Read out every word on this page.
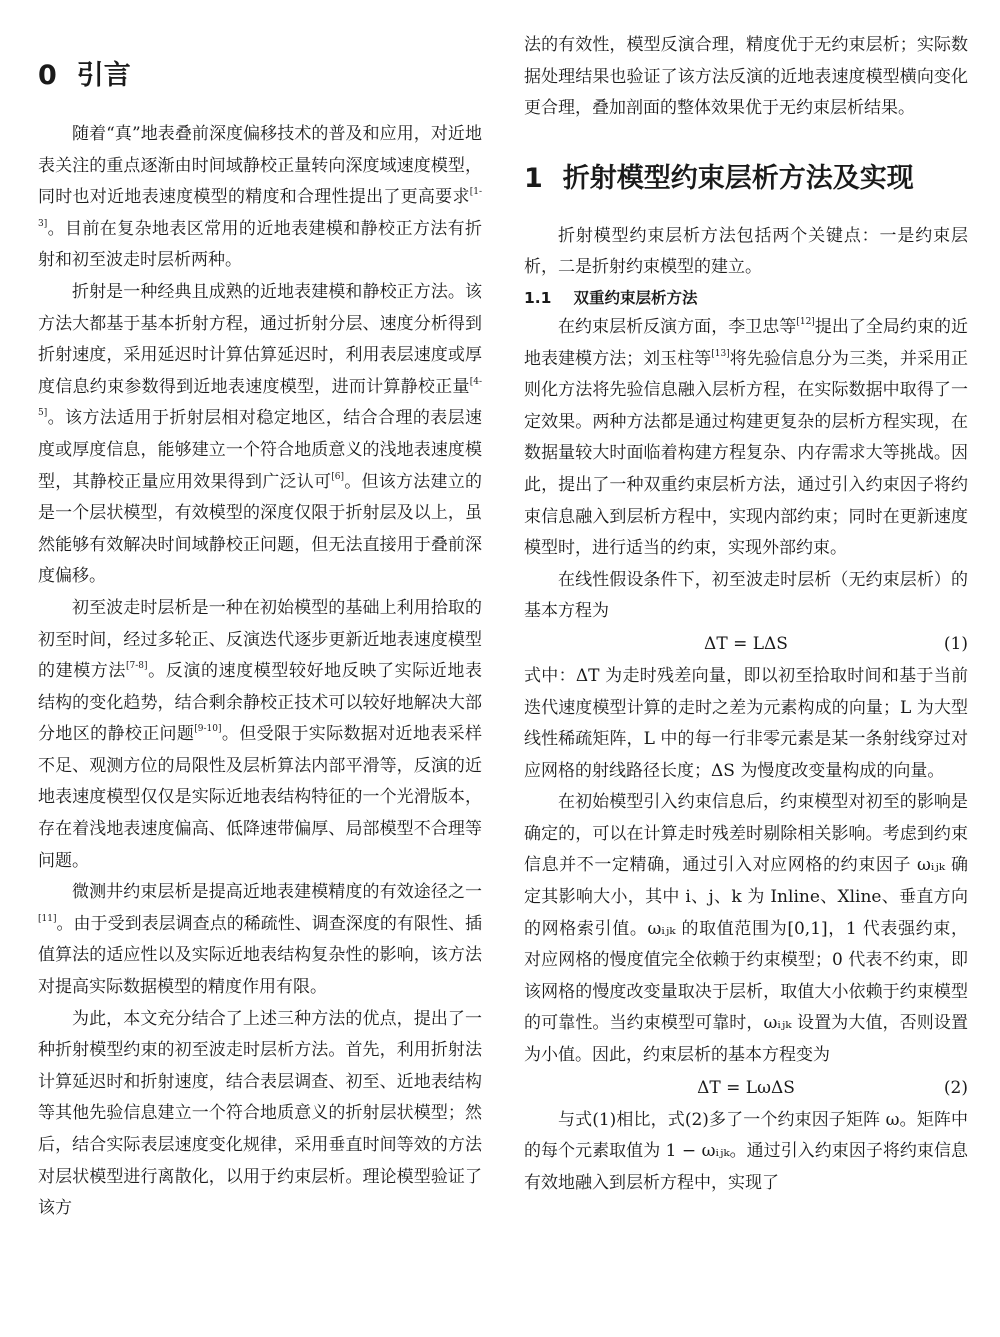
0 引言

随着“真”地表叠前深度偏移技术的普及和应用，对近地表关注的重点逐渐由时间域静校正量转向深度域速度模型，同时也对近地表速度模型的精度和合理性提出了更高要求[1-3]。目前在复杂地表区常用的近地表建模和静校正方法有折射和初至波走时层析两种。

折射是一种经典且成熟的近地表建模和静校正方法。该方法大都基于基本折射方程，通过折射分层、速度分析得到折射速度，采用延迟时计算估算延迟时，利用表层速度或厚度信息约束参数得到近地表速度模型，进而计算静校正量[4-5]。该方法适用于折射层相对稳定地区，结合合理的表层速度或厚度信息，能够建立一个符合地质意义的浅地表速度模型，其静校正量应用效果得到广泛认可[6]。但该方法建立的是一个层状模型，有效模型的深度仅限于折射层及以上，虽然能够有效解决时间域静校正问题，但无法直接用于叠前深度偏移。

初至波走时层析是一种在初始模型的基础上利用拾取的初至时间，经过多轮正、反演迭代逐步更新近地表速度模型的建模方法[7-8]。反演的速度模型较好地反映了实际近地表结构的变化趋势，结合剩余静校正技术可以较好地解决大部分地区的静校正问题[9-10]。但受限于实际数据对近地表采样不足、观测方位的局限性及层析算法内部平滑等，反演的近地表速度模型仅仅是实际近地表结构特征的一个光滑版本，存在着浅地表速度偏高、低降速带偏厚、局部模型不合理等问题。

微测井约束层析是提高近地表建模精度的有效途径之一[11]。由于受到表层调查点的稀疏性、调查深度的有限性、插值算法的适应性以及实际近地表结构复杂性的影响，该方法对提高实际数据模型的精度作用有限。

为此，本文充分结合了上述三种方法的优点，提出了一种折射模型约束的初至波走时层析方法。首先，利用折射法计算延迟时和折射速度，结合表层调查、初至、近地表结构等其他先验信息建立一个符合地质意义的折射层状模型；然后，结合实际表层速度变化规律，采用垂直时间等效的方法对层状模型进行离散化，以用于约束层析。理论模型验证了该方

法的有效性，模型反演合理，精度优于无约束层析；实际数据处理结果也验证了该方法反演的近地表速度模型横向变化更合理，叠加剖面的整体效果优于无约束层析结果。

1 折射模型约束层析方法及实现

折射模型约束层析方法包括两个关键点：一是约束层析，二是折射约束模型的建立。

1.1 双重约束层析方法

在约束层析反演方面，李卫忠等[12]提出了全局约束的近地表建模方法；刘玉柱等[13]将先验信息分为三类，并采用正则化方法将先验信息融入层析方程，在实际数据中取得了一定效果。两种方法都是通过构建更复杂的层析方程实现，在数据量较大时面临着构建方程复杂、内存需求大等挑战。因此，提出了一种双重约束层析方法，通过引入约束因子将约束信息融入到层析方程中，实现内部约束；同时在更新速度模型时，进行适当的约束，实现外部约束。

在线性假设条件下，初至波走时层析（无约束层析）的基本方程为

ΔT = LΔS	(1)

式中：ΔT 为走时残差向量，即以初至拾取时间和基于当前迭代速度模型计算的走时之差为元素构成的向量；L 为大型线性稀疏矩阵，L 中的每一行非零元素是某一条射线穿过对应网格的射线路径长度；ΔS 为慢度改变量构成的向量。

在初始模型引入约束信息后，约束模型对初至的影响是确定的，可以在计算走时残差时剔除相关影响。考虑到约束信息并不一定精确，通过引入对应网格的约束因子 ωᵢⱼₖ 确定其影响大小，其中 i、j、k 为 Inline、Xline、垂直方向的网格索引值。ωᵢⱼₖ 的取值范围为[0,1]，1 代表强约束，对应网格的慢度值完全依赖于约束模型；0 代表不约束，即该网格的慢度改变量取决于层析，取值大小依赖于约束模型的可靠性。当约束模型可靠时，ωᵢⱼₖ 设置为大值，否则设置为小值。因此，约束层析的基本方程变为

ΔT = LωΔS	(2)

与式(1)相比，式(2)多了一个约束因子矩阵 ω。矩阵中的每个元素取值为 1 − ωᵢⱼₖ。通过引入约束因子将约束信息有效地融入到层析方程中，实现了
